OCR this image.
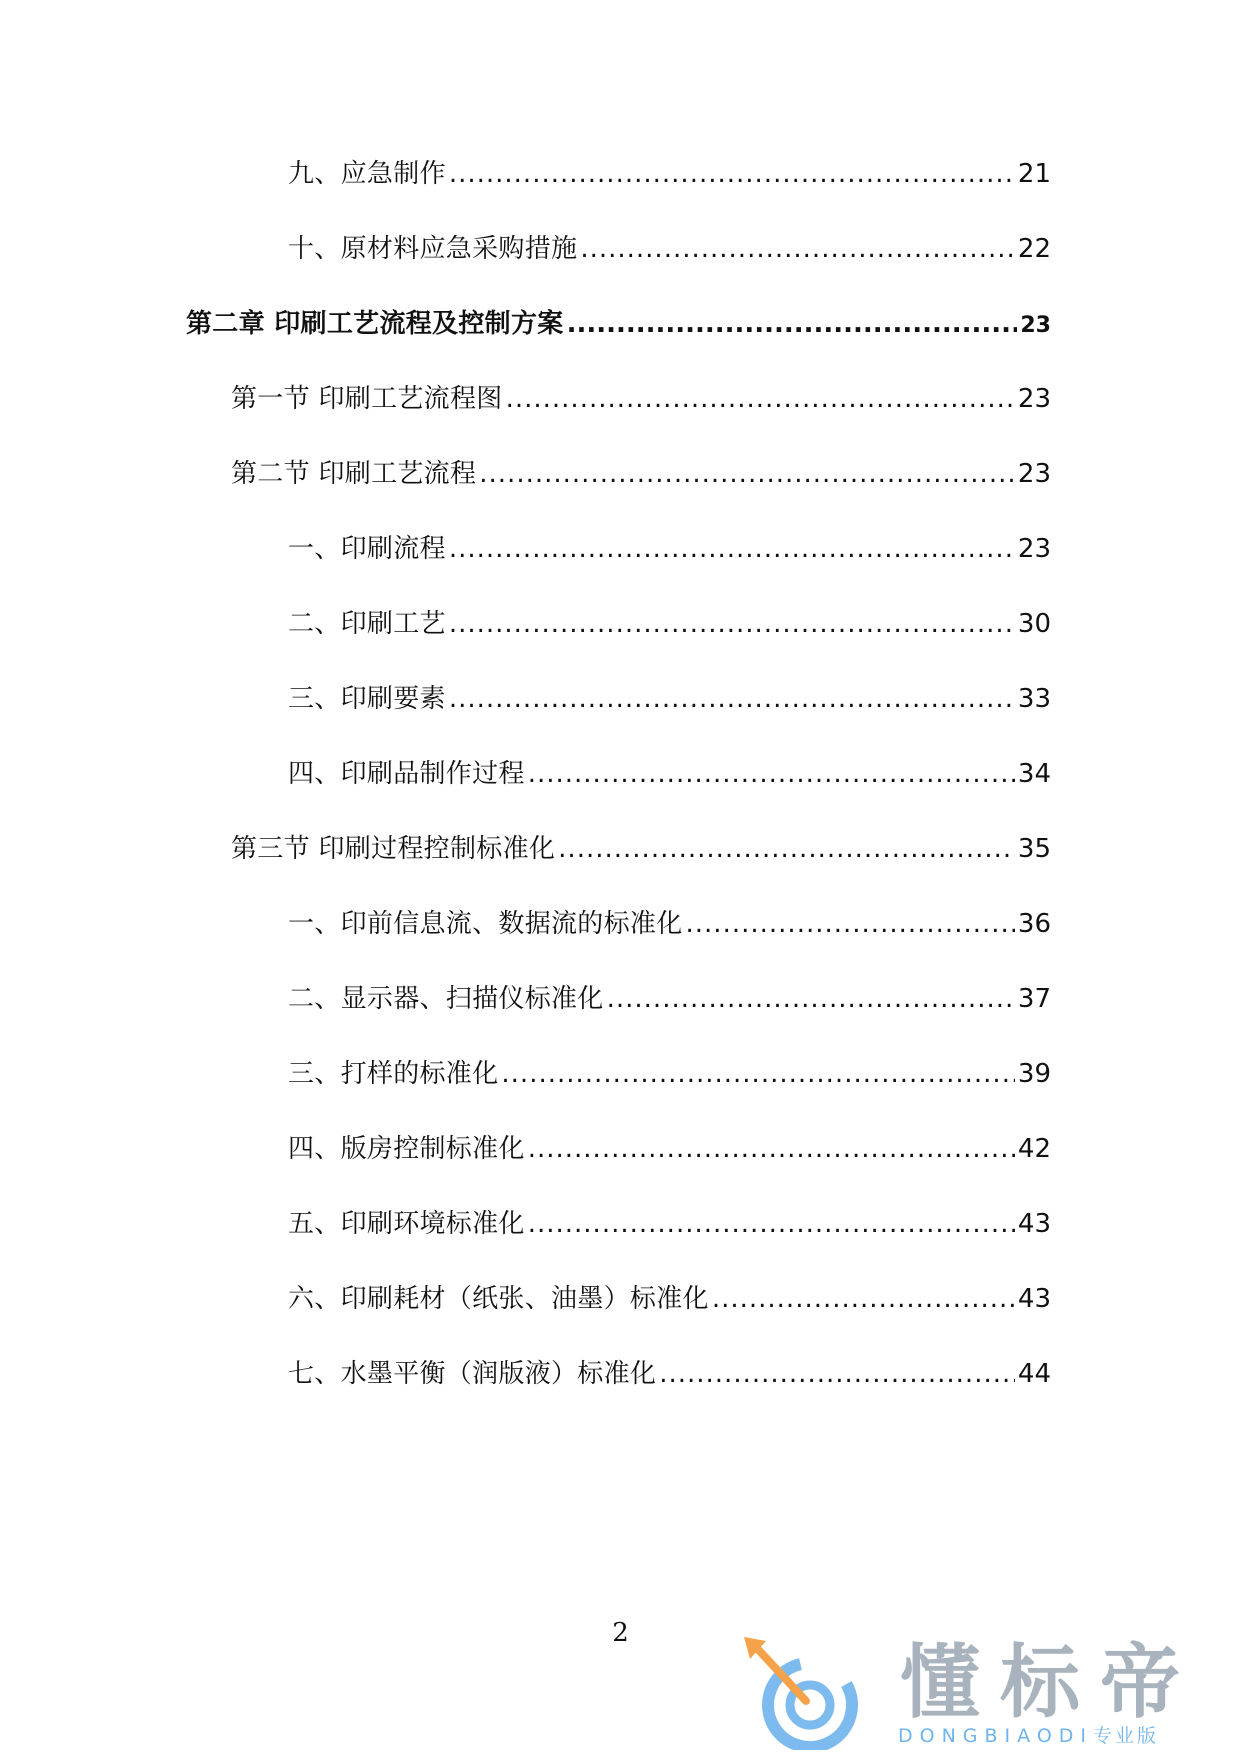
九、应急制作 .....	21
十、原材料应急采购措施 .....	22
第二章 印刷工艺流程及控制方案 .....	23
第一节 印刷工艺流程图 .....	23
第二节 印刷工艺流程 .....	23
一、印刷流程 .....	23
二、印刷工艺 .....	30
三、印刷要素 .....	33
四、印刷品制作过程 .....	34
第三节 印刷过程控制标准化 .....	35
一、印前信息流、数据流的标准化 .....	36
二、显示器、扫描仪标准化 .....	37
三、打样的标准化 .....	39
四、版房控制标准化 .....	42
五、印刷环境标准化 .....	43
六、印刷耗材（纸张、油墨）标准化 .....	43
七、水墨平衡（润版液）标准化 .....	44
2
懂标帝
DONGBIAODI专业版
